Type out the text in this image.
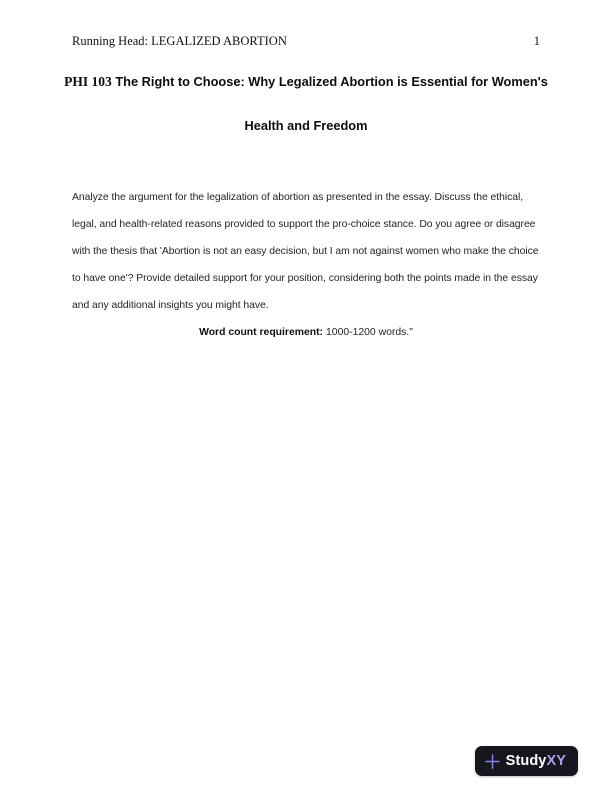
Running Head: LEGALIZED ABORTION	1
PHI 103 The Right to Choose: Why Legalized Abortion is Essential for Women's
Health and Freedom
Analyze the argument for the legalization of abortion as presented in the essay. Discuss the ethical,
legal, and health-related reasons provided to support the pro-choice stance. Do you agree or disagree
with the thesis that 'Abortion is not an easy decision, but I am not against women who make the choice
to have one'? Provide detailed support for your position, considering both the points made in the essay
and any additional insights you might have.
Word count requirement: 1000-1200 words."
StudyXY
